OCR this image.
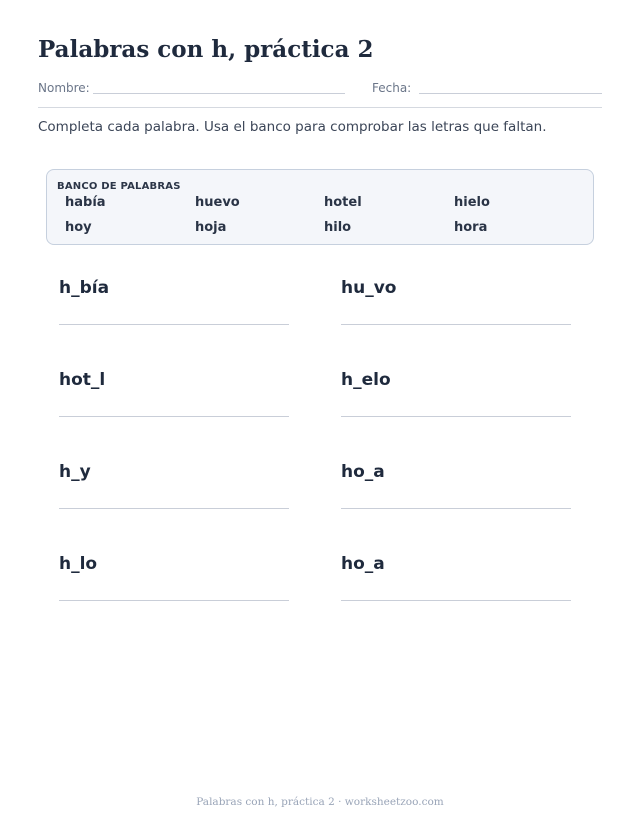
Palabras con h, práctica 2
Nombre:	Fecha:
Completa cada palabra. Usa el banco para comprobar las letras que faltan.
BANCO DE PALABRAS
había	huevo	hotel	hielo
hoy	hoja	hilo	hora
h_bía	hu_vo
hot_l	h_elo
h_y	ho_a
h_lo	ho_a
Palabras con h, práctica 2 · worksheetzoo.com
